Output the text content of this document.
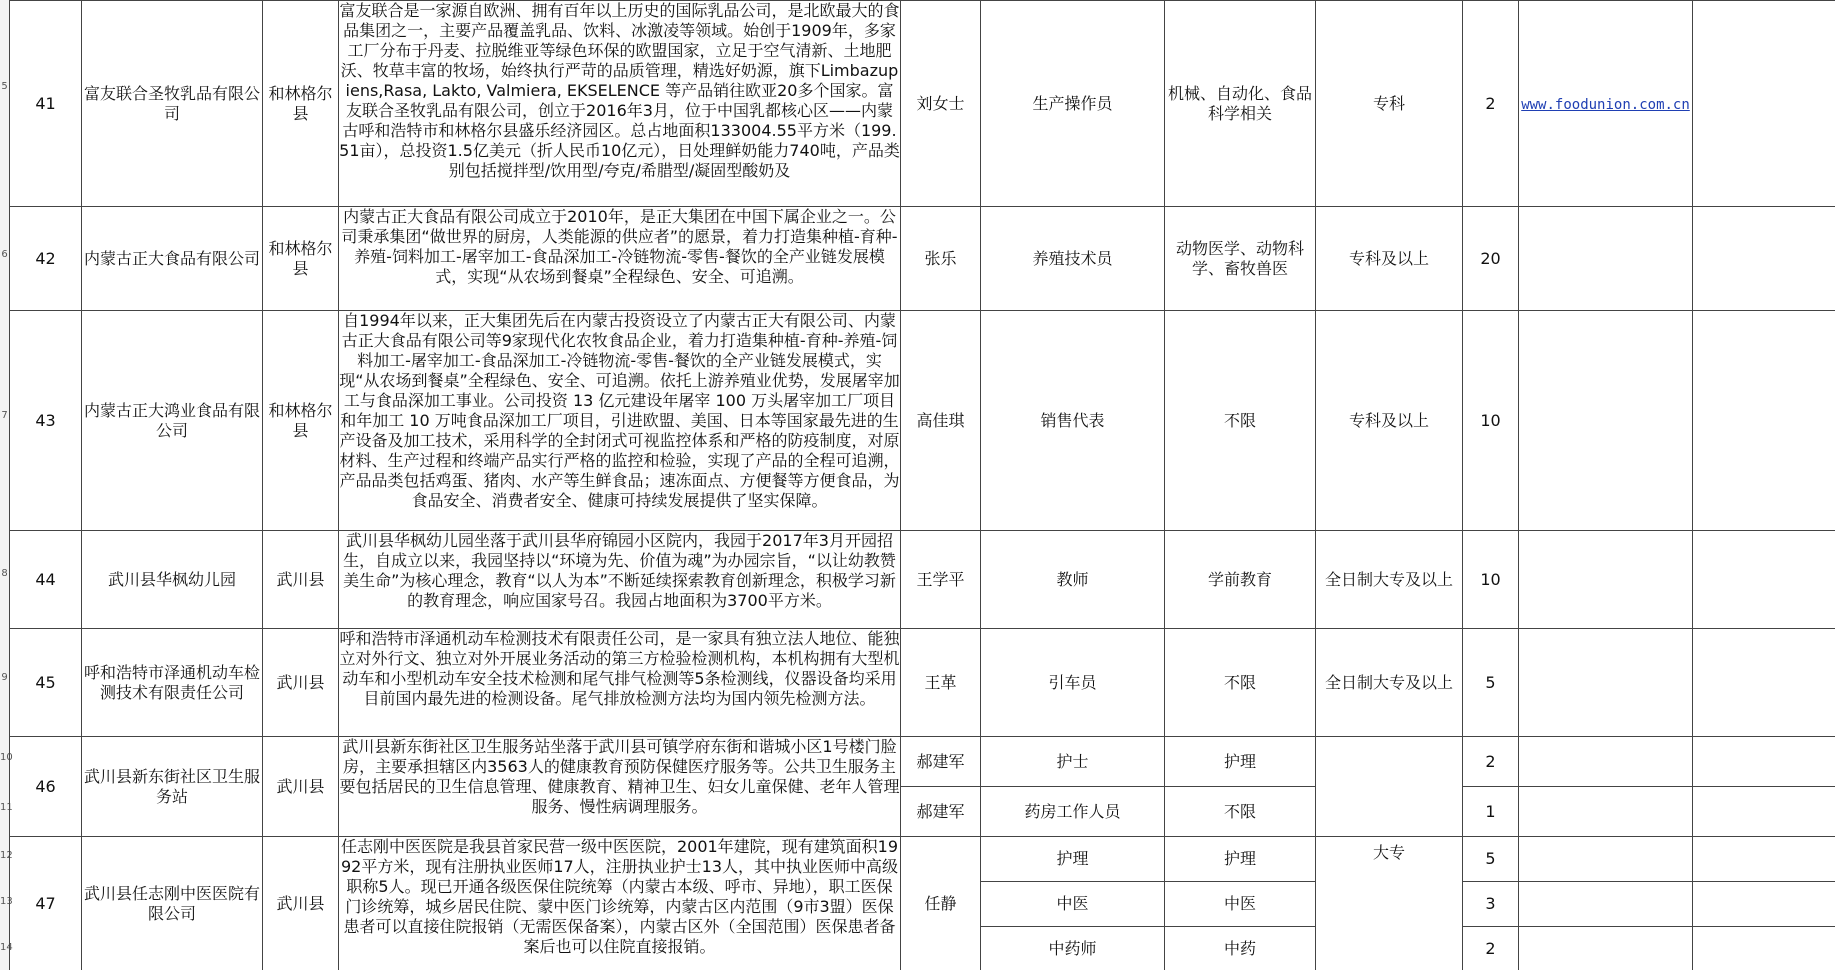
5
6
7
8
9
10
11
12
13
14
41	富友联合圣牧乳品有限公司	和林格尔县	富友联合是一家源自欧洲、拥有百年以上历史的国际乳品公司，是北欧最大的食品集团之一，主要产品覆盖乳品、饮料、冰激凌等领域。始创于1909年，多家工厂分布于丹麦、拉脱维亚等绿色环保的欧盟国家，立足于空气清新、土地肥沃、牧草丰富的牧场，始终执行严苛的品质管理，精选好奶源，旗下Limbazupiens,Rasa, Lakto, Valmiera, EKSELENCE 等产品销往欧亚20多个国家。富友联合圣牧乳品有限公司，创立于2016年3月，位于中国乳都核心区——内蒙古呼和浩特市和林格尔县盛乐经济园区。总占地面积133004.55平方米（199.51亩），总投资1.5亿美元（折人民币10亿元），日处理鲜奶能力740吨，产品类别包括搅拌型/饮用型/夸克/希腊型/凝固型酸奶及	刘女士	生产操作员	机械、自动化、食品科学相关	专科	2	www.foodunion.com.cn	
42	内蒙古正大食品有限公司	和林格尔县	内蒙古正大食品有限公司成立于2010年，是正大集团在中国下属企业之一。公司秉承集团“做世界的厨房，人类能源的供应者”的愿景，着力打造集种植-育种-养殖-饲料加工-屠宰加工-食品深加工-冷链物流-零售-餐饮的全产业链发展模式，实现“从农场到餐桌”全程绿色、安全、可追溯。	张乐	养殖技术员	动物医学、动物科学、畜牧兽医	专科及以上	20		
43	内蒙古正大鸿业食品有限公司	和林格尔县	自1994年以来，正大集团先后在内蒙古投资设立了内蒙古正大有限公司、内蒙古正大食品有限公司等9家现代化农牧食品企业，着力打造集种植-育种-养殖-饲料加工-屠宰加工-食品深加工-冷链物流-零售-餐饮的全产业链发展模式，实现“从农场到餐桌”全程绿色、安全、可追溯。依托上游养殖业优势，发展屠宰加工与食品深加工事业。公司投资 13 亿元建设年屠宰 100 万头屠宰加工厂项目和年加工 10 万吨食品深加工厂项目，引进欧盟、美国、日本等国家最先进的生产设备及加工技术，采用科学的全封闭式可视监控体系和严格的防疫制度，对原材料、生产过程和终端产品实行严格的监控和检验，实现了产品的全程可追溯，产品品类包括鸡蛋、猪肉、水产等生鲜食品；速冻面点、方便餐等方便食品，为食品安全、消费者安全、健康可持续发展提供了坚实保障。	高佳琪	销售代表	不限	专科及以上	10		
44	武川县华枫幼儿园	武川县	武川县华枫幼儿园坐落于武川县华府锦园小区院内，我园于2017年3月开园招生，自成立以来，我园坚持以“环境为先、价值为魂”为办园宗旨，“以让幼教赞美生命”为核心理念，教育“以人为本”不断延续探索教育创新理念，积极学习新的教育理念，响应国家号召。我园占地面积为3700平方米。	王学平	教师	学前教育	全日制大专及以上	10		
45	呼和浩特市泽通机动车检测技术有限责任公司	武川县	呼和浩特市泽通机动车检测技术有限责任公司，是一家具有独立法人地位、能独立对外行文、独立对外开展业务活动的第三方检验检测机构，本机构拥有大型机动车和小型机动车安全技术检测和尾气排气检测等5条检测线，仪器设备均采用目前国内最先进的检测设备。尾气排放检测方法均为国内领先检测方法。	王革	引车员	不限	全日制大专及以上	5		
46	武川县新东街社区卫生服务站	武川县	武川县新东街社区卫生服务站坐落于武川县可镇学府东街和谐城小区1号楼门脸房，主要承担辖区内3563人的健康教育预防保健医疗服务等。公共卫生服务主要包括居民的卫生信息管理、健康教育、精神卫生、妇女儿童保健、老年人管理服务、慢性病调理服务。	郝建军	护士	护理		2		
				郝建军	药房工作人员	不限		1		
47	武川县任志刚中医医院有限公司	武川县	任志刚中医医院是我县首家民营一级中医医院，2001年建院，现有建筑面积1992平方米，现有注册执业医师17人，注册执业护士13人，其中执业医师中高级职称5人。现已开通各级医保住院统筹（内蒙古本级、呼市、异地），职工医保门诊统筹，城乡居民住院、蒙中医门诊统筹，内蒙古区内范围（9市3盟）医保患者可以直接住院报销（无需医保备案），内蒙古区外（全国范围）医保患者备案后也可以住院直接报销。	任静	护理	护理	大专	5		
					中医	中医		3		
					中药师	中药		2		
